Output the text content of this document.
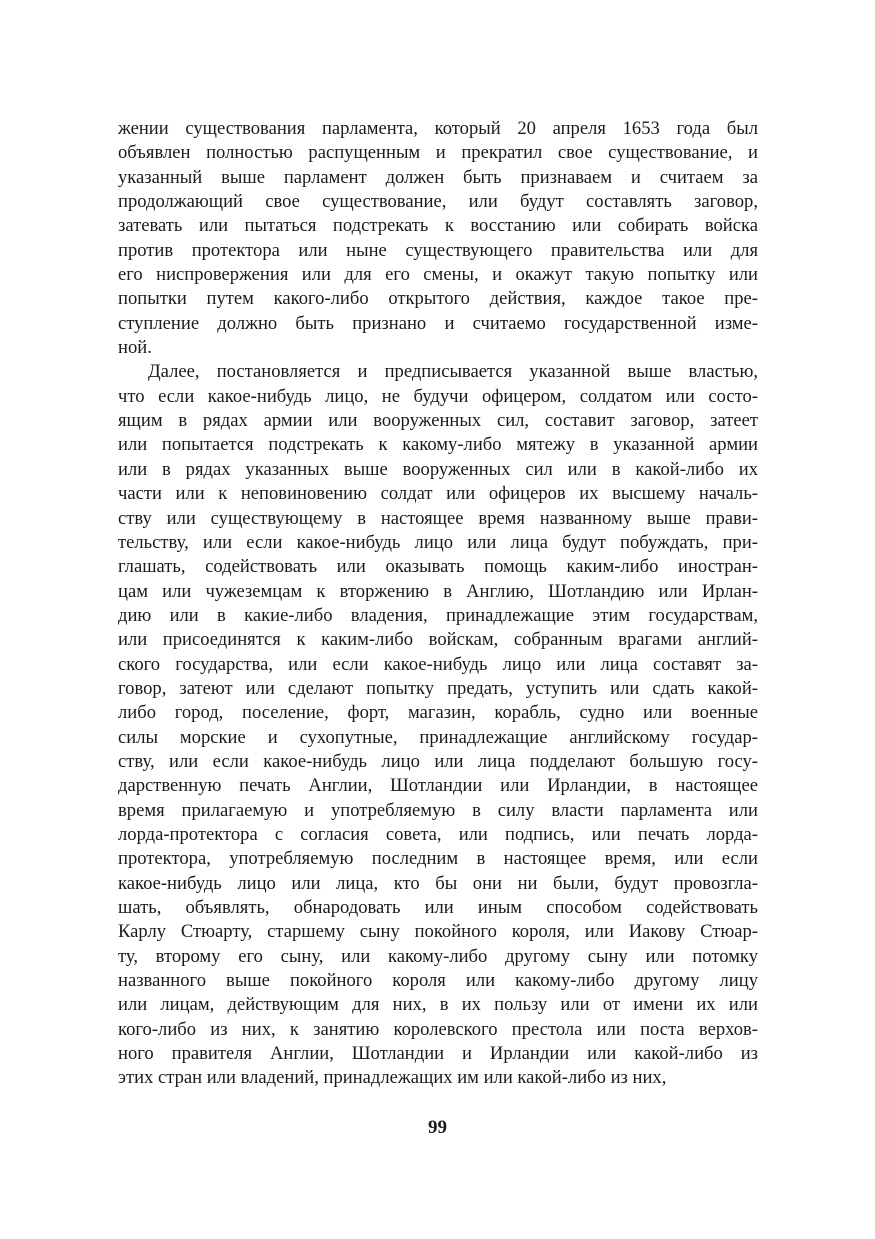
жении существования парламента, который 20 апреля 1653 года был
объявлен полностью распущенным и прекратил свое существование, и
указанный выше парламент должен быть признаваем и считаем за
продолжающий свое существование, или будут составлять заговор,
затевать или пытаться подстрекать к восстанию или собирать войска
против протектора или ныне существующего правительства или для
его ниспровержения или для его смены, и окажут такую попытку или
попытки путем какого-либо открытого действия, каждое такое пре-
ступление должно быть признано и считаемо государственной изме-
ной.
Далее, постановляется и предписывается указанной выше властью,
что если какое-нибудь лицо, не будучи офицером, солдатом или состо-
ящим в рядах армии или вооруженных сил, составит заговор, затеет
или попытается подстрекать к какому-либо мятежу в указанной армии
или в рядах указанных выше вооруженных сил или в какой-либо их
части или к неповиновению солдат или офицеров их высшему началь-
ству или существующему в настоящее время названному выше прави-
тельству, или если какое-нибудь лицо или лица будут побуждать, при-
глашать, содействовать или оказывать помощь каким-либо иностран-
цам или чужеземцам к вторжению в Англию, Шотландию или Ирлан-
дию или в какие-либо владения, принадлежащие этим государствам,
или присоединятся к каким-либо войскам, собранным врагами англий-
ского государства, или если какое-нибудь лицо или лица составят за-
говор, затеют или сделают попытку предать, уступить или сдать какой-
либо город, поселение, форт, магазин, корабль, судно или военные
силы морские и сухопутные, принадлежащие английскому государ-
ству, или если какое-нибудь лицо или лица подделают большую госу-
дарственную печать Англии, Шотландии или Ирландии, в настоящее
время прилагаемую и употребляемую в силу власти парламента или
лорда-протектора с согласия совета, или подпись, или печать лорда-
протектора, употребляемую последним в настоящее время, или если
какое-нибудь лицо или лица, кто бы они ни были, будут провозгла-
шать, объявлять, обнародовать или иным способом содействовать
Карлу Стюарту, старшему сыну покойного короля, или Иакову Стюар-
ту, второму его сыну, или какому-либо другому сыну или потомку
названного выше покойного короля или какому-либо другому лицу
или лицам, действующим для них, в их пользу или от имени их или
кого-либо из них, к занятию королевского престола или поста верхов-
ного правителя Англии, Шотландии и Ирландии или какой-либо из
этих стран или владений, принадлежащих им или какой-либо из них,
99
